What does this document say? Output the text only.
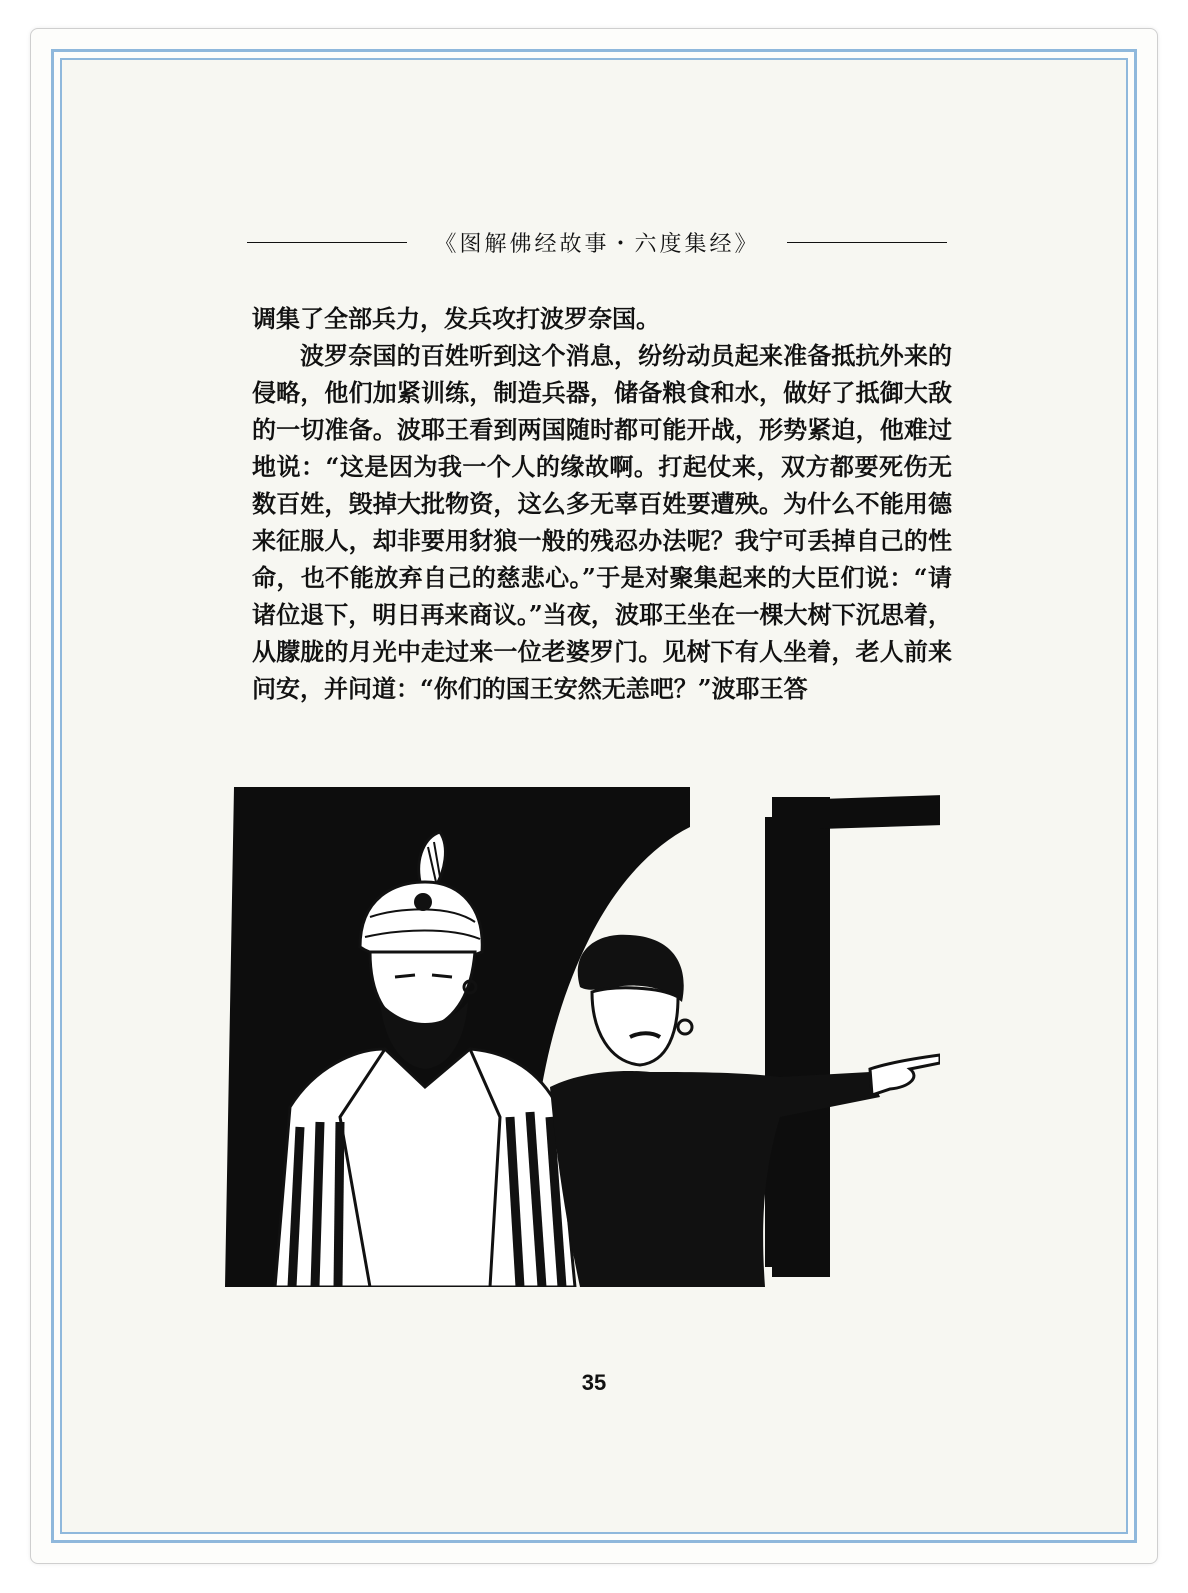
《图解佛经故事・六度集经》

调集了全部兵力，发兵攻打波罗奈国。

波罗奈国的百姓听到这个消息，纷纷动员起来准备抵抗外来的侵略，他们加紧训练，制造兵器，储备粮食和水，做好了抵御大敌的一切准备。波耶王看到两国随时都可能开战，形势紧迫，他难过地说：“这是因为我一个人的缘故啊。打起仗来，双方都要死伤无数百姓，毁掉大批物资，这么多无辜百姓要遭殃。为什么不能用德来征服人，却非要用豺狼一般的残忍办法呢？我宁可丢掉自己的性命，也不能放弃自己的慈悲心。”于是对聚集起来的大臣们说：“请诸位退下，明日再来商议。”当夜，波耶王坐在一棵大树下沉思着，从朦胧的月光中走过来一位老婆罗门。见树下有人坐着，老人前来问安，并问道：“你们的国王安然无恙吧？”波耶王答

35
